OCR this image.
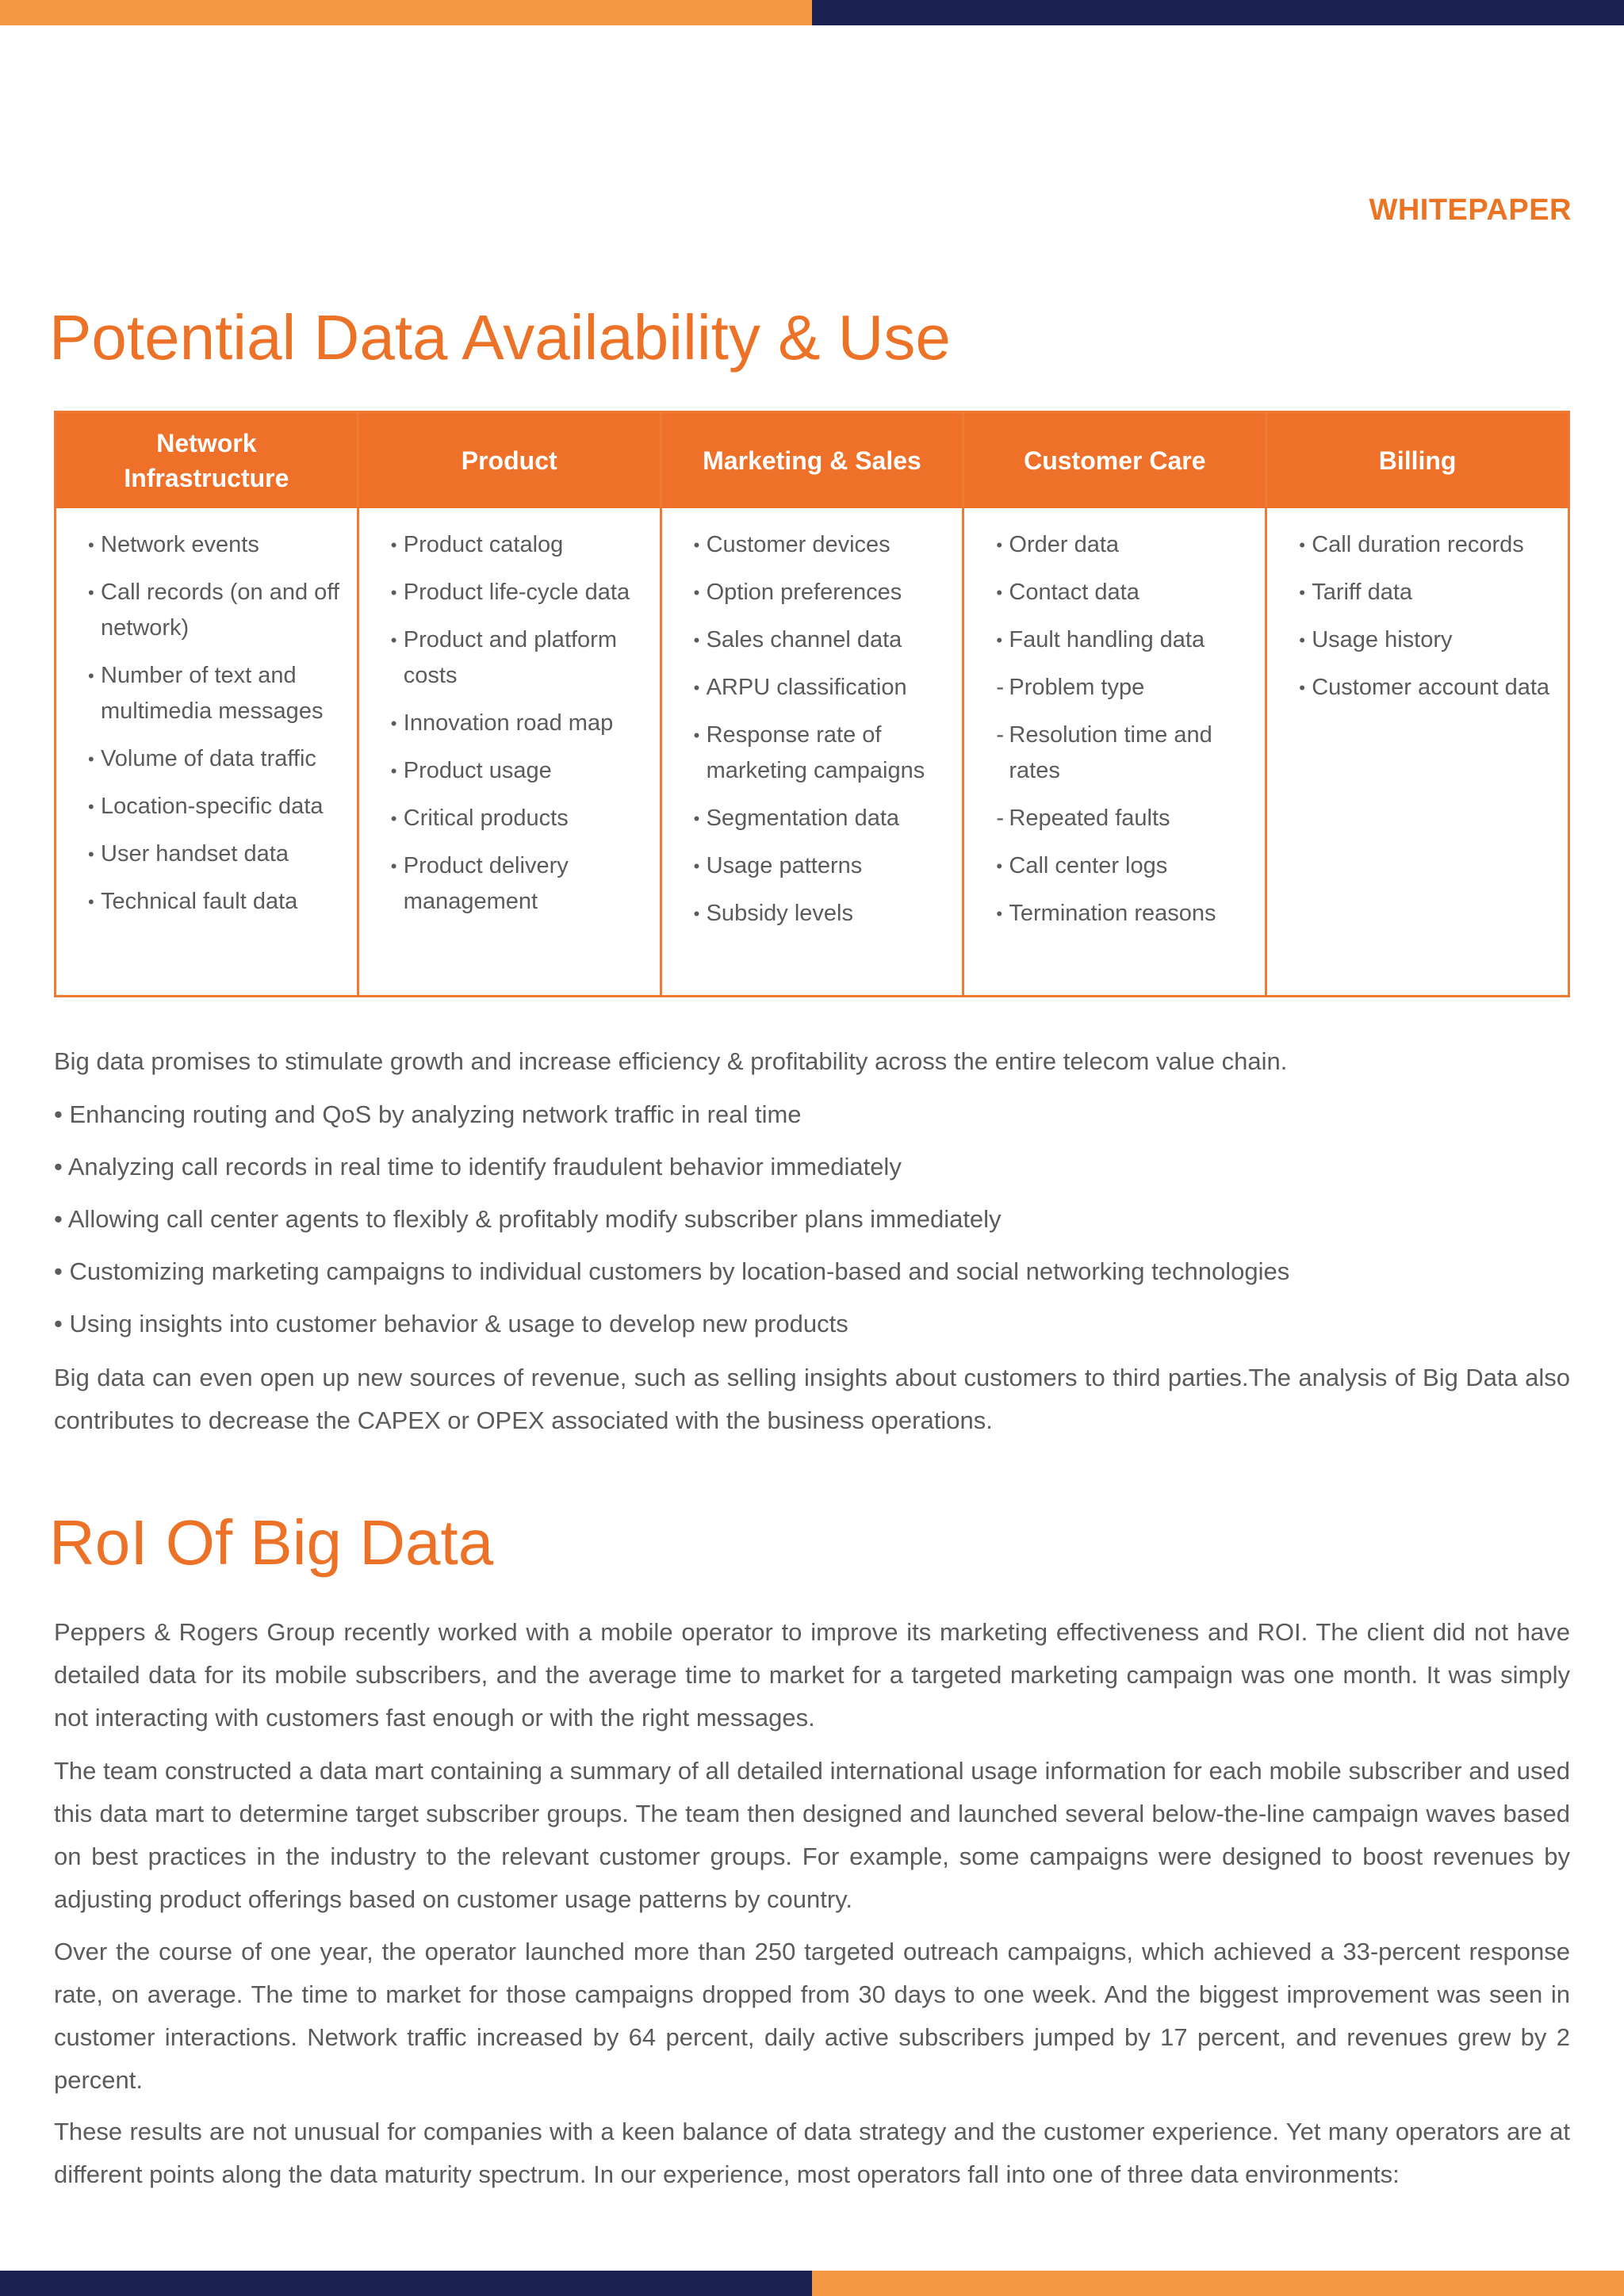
WHITEPAPER
Potential Data Availability & Use
Network Infrastructure
• Network events
• Call records (on and off network)
• Number of text and multimedia messages
• Volume of data traffic
• Location-specific data
• User handset data
• Technical fault data
Product
• Product catalog
• Product life-cycle data
• Product and platform costs
• Innovation road map
• Product usage
• Critical products
• Product delivery management
Marketing & Sales
• Customer devices
• Option preferences
• Sales channel data
• ARPU classification
• Response rate of marketing campaigns
• Segmentation data
• Usage patterns
• Subsidy levels
Customer Care
• Order data
• Contact data
• Fault handling data
- Problem type
- Resolution time and rates
- Repeated faults
• Call center logs
• Termination reasons
Billing
• Call duration records
• Tariff data
• Usage history
• Customer account data

Big data promises to stimulate growth and increase efficiency & profitability across the entire telecom value chain.

• Enhancing routing and QoS by analyzing network traffic in real time

• Analyzing call records in real time to identify fraudulent behavior immediately

• Allowing call center agents to flexibly & profitably modify subscriber plans immediately

• Customizing marketing campaigns to individual customers by location-based and social networking technologies

• Using insights into customer behavior & usage to develop new products

Big data can even open up new sources of revenue, such as selling insights about customers to third parties.The analysis of Big Data also contributes to decrease the CAPEX or OPEX associated with the business operations.

RoI Of Big Data

Peppers & Rogers Group recently worked with a mobile operator to improve its marketing effectiveness and ROI. The client did not have detailed data for its mobile subscribers, and the average time to market for a targeted marketing campaign was one month. It was simply not interacting with customers fast enough or with the right messages.

The team constructed a data mart containing a summary of all detailed international usage information for each mobile subscriber and used this data mart to determine target subscriber groups. The team then designed and launched several below-the-line campaign waves based on best practices in the industry to the relevant customer groups. For example, some campaigns were designed to boost revenues by adjusting product offerings based on customer usage patterns by country.

Over the course of one year, the operator launched more than 250 targeted outreach campaigns, which achieved a 33-percent response rate, on average. The time to market for those campaigns dropped from 30 days to one week. And the biggest improvement was seen in customer interactions. Network traffic increased by 64 percent, daily active subscribers jumped by 17 percent, and revenues grew by 2 percent.

These results are not unusual for companies with a keen balance of data strategy and the customer experience. Yet many operators are at different points along the data maturity spectrum. In our experience, most operators fall into one of three data environments:
